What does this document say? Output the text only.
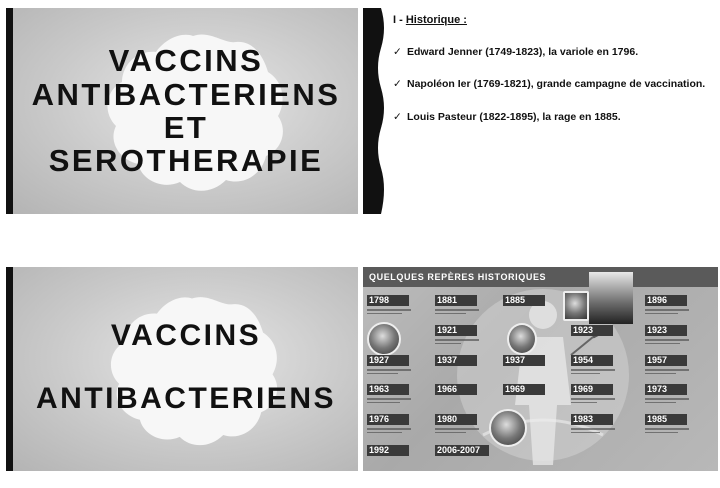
VACCINS
ANTIBACTERIENS
ET
SEROTHERAPIE
I - Historique :
✓ Edward Jenner (1749-1823), la variole en 1796.
✓ Napoléon Ier (1769-1821), grande campagne de vaccination.
✓ Louis Pasteur (1822-1895), la rage en 1885.
VACCINS
ANTIBACTERIENS
QUELQUES REPÈRES HISTORIQUES
1798
1927
1963
1976
1992
1881
1921
1937
1966
1980
2006-2007
1885
1937
1969
1923
1954
1969
1983
1896
1923
1957
1973
1985
